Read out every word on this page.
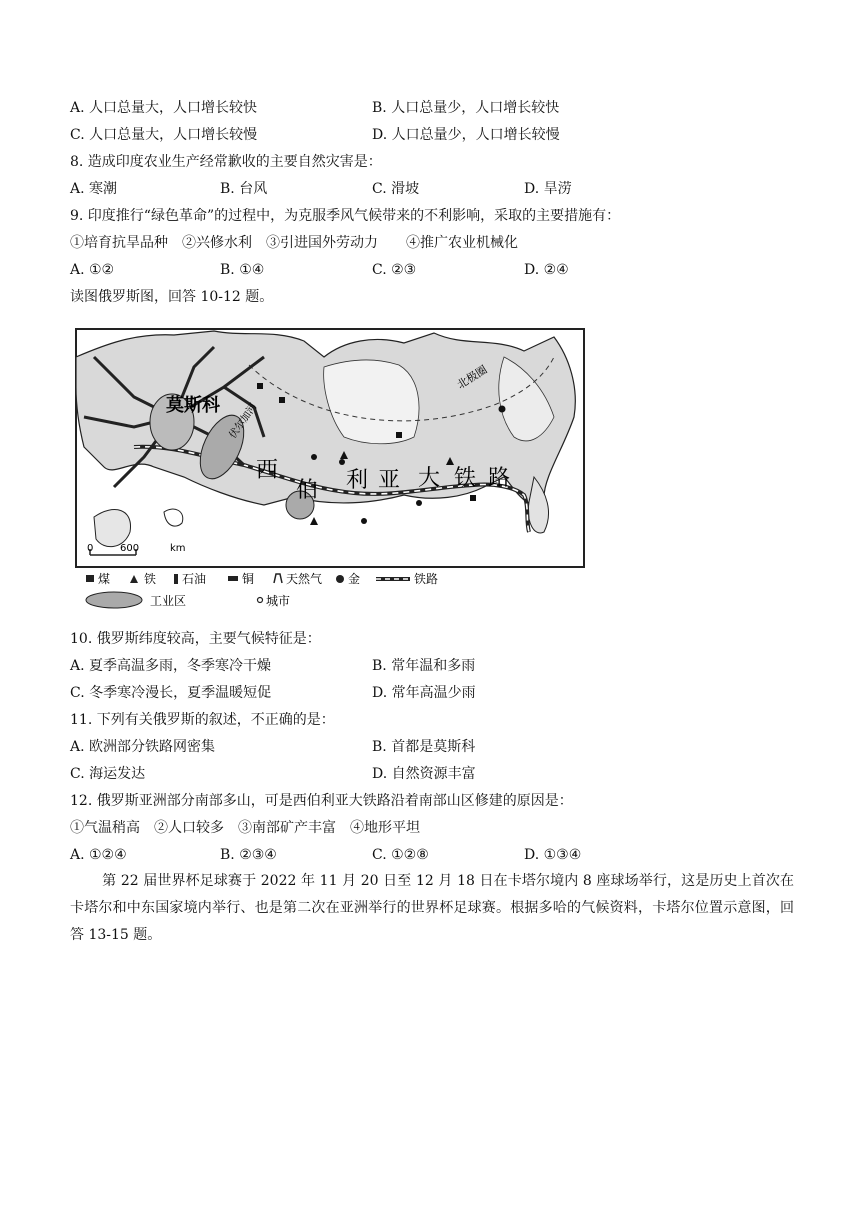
A. 人口总量大，人口增长较快	B. 人口总量少，人口增长较快
C. 人口总量大，人口增长较慢	D. 人口总量少，人口增长较慢
8. 造成印度农业生产经常歉收的主要自然灾害是：
A. 寒潮	B. 台风	C. 滑坡	D. 旱涝
9. 印度推行“绿色革命”的过程中，为克服季风气候带来的不利影响，采取的主要措施有：
①培育抗旱品种　②兴修水利　③引进国外劳动力　　④推广农业机械化
A. ①②	B. ①④	C. ②③	D. ②④
读图俄罗斯图，回答 10-12 题。
北极圈
莫斯科 伏尔加河
西
伯 利 亚 大 铁 路
0	600	km
煤	铁 石油	铜	天然气 金	铁路
工业区	城市
10. 俄罗斯纬度较高，主要气候特征是：
A. 夏季高温多雨，冬季寒冷干燥	B. 常年温和多雨
C. 冬季寒冷漫长，夏季温暖短促	D. 常年高温少雨
11. 下列有关俄罗斯的叙述，不正确的是：
A. 欧洲部分铁路网密集	B. 首都是莫斯科
C. 海运发达	D. 自然资源丰富
12. 俄罗斯亚洲部分南部多山，可是西伯利亚大铁路沿着南部山区修建的原因是：
①气温稍高　②人口较多　③南部矿产丰富　④地形平坦
A. ①②④	B. ②③④	C. ①②⑧	D. ①③④
第 22 届世界杯足球赛于 2022 年 11 月 20 日至 12 月 18 日在卡塔尔境内 8 座球场举行，这是历史上首次在卡塔尔和中东国家境内举行、也是第二次在亚洲举行的世界杯足球赛。根据多哈的气候资料，卡塔尔位置示意图，回答 13-15 题。
